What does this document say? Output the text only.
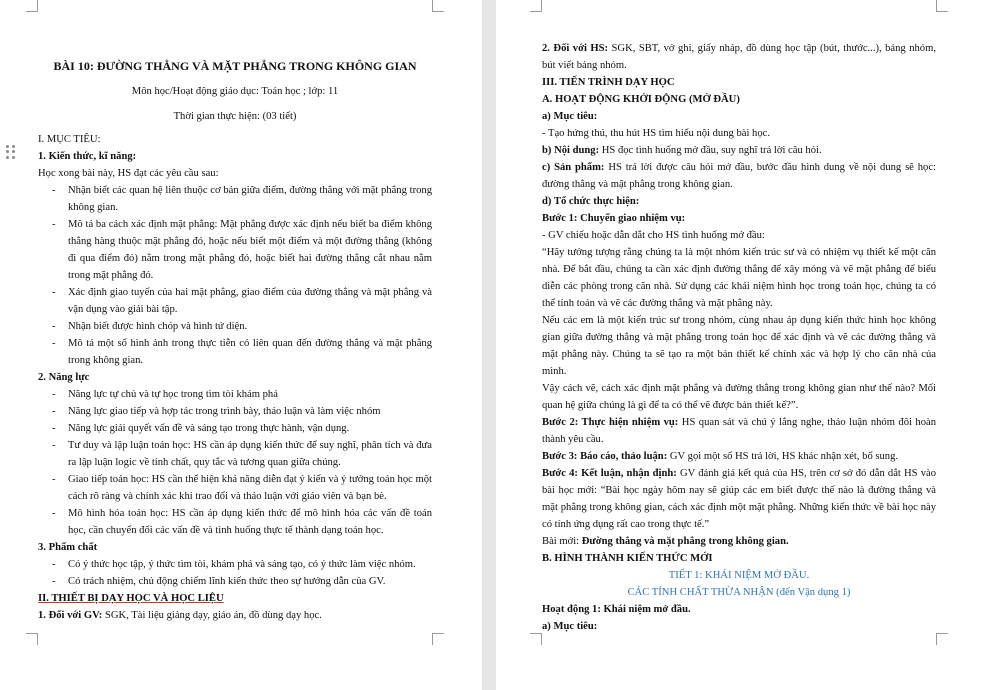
BÀI 10: ĐƯỜNG THẲNG VÀ MẶT PHẲNG TRONG KHÔNG GIAN
Môn học/Hoạt động giáo dục: Toán học ; lớp: 11
Thời gian thực hiện: (03 tiết)
I. MỤC TIÊU:
1. Kiến thức, kĩ năng:
Học xong bài này, HS đạt các yêu cầu sau:
- Nhận biết các quan hệ liên thuộc cơ bản giữa điểm, đường thẳng với mặt phẳng trong không gian.
- Mô tả ba cách xác định mặt phẳng: Mặt phẳng được xác định nếu biết ba điểm không thẳng hàng thuộc mặt phẳng đó, hoặc nếu biết một điểm và một đường thẳng (không đi qua điểm đó) nằm trong mặt phẳng đó, hoặc biết hai đường thẳng cắt nhau nằm trong mặt phẳng đó.
- Xác định giao tuyến của hai mặt phẳng, giao điểm của đường thẳng và mặt phẳng và vận dụng vào giải bài tập.
- Nhận biết được hình chóp và hình tứ diện.
- Mô tả một số hình ảnh trong thực tiễn có liên quan đến đường thẳng và mặt phẳng trong không gian.
2. Năng lực
- Năng lực tự chủ và tự học trong tìm tòi khám phá
- Năng lực giao tiếp và hợp tác trong trình bày, thảo luận và làm việc nhóm
- Năng lực giải quyết vấn đề và sáng tạo trong thực hành, vận dụng.
- Tư duy và lập luận toán học: HS cần áp dụng kiến thức để suy nghĩ, phân tích và đưa ra lập luận logic về tính chất, quy tắc và tương quan giữa chúng.
- Giao tiếp toán học: HS cần thể hiện khả năng diễn đạt ý kiến và ý tưởng toán học một cách rõ ràng và chính xác khi trao đổi và thảo luận với giáo viên và bạn bè.
- Mô hình hóa toán học: HS cần áp dụng kiến thức để mô hình hóa các vấn đề toán học, cần chuyển đổi các vấn đề và tình huống thực tế thành dạng toán học.
3. Phẩm chất
- Có ý thức học tập, ý thức tìm tòi, khám phá và sáng tạo, có ý thức làm việc nhóm.
- Có trách nhiệm, chủ động chiếm lĩnh kiến thức theo sự hướng dẫn của GV.
II. THIẾT BỊ DẠY HỌC VÀ HỌC LIỆU
1. Đối với GV: SGK, Tài liệu giảng dạy, giáo án, đồ dùng dạy học.
2. Đối với HS: SGK, SBT, vở ghi, giấy nháp, đồ dùng học tập (bút, thước...), bảng nhóm, bút viết bảng nhóm.
III. TIẾN TRÌNH DẠY HỌC
A. HOẠT ĐỘNG KHỞI ĐỘNG (MỞ ĐẦU)
a) Mục tiêu:
- Tạo hứng thú, thu hút HS tìm hiểu nội dung bài học.
b) Nội dung: HS đọc tình huống mở đầu, suy nghĩ trả lời câu hỏi.
c) Sản phẩm: HS trả lời được câu hỏi mở đầu, bước đầu hình dung về nội dung sẽ học: đường thẳng và mặt phẳng trong không gian.
d) Tổ chức thực hiện:
Bước 1: Chuyển giao nhiệm vụ:
- GV chiếu hoặc dẫn dắt cho HS tình huống mở đầu:
“Hãy tưởng tượng rằng chúng ta là một nhóm kiến trúc sư và có nhiệm vụ thiết kế một căn nhà. Để bắt đầu, chúng ta cần xác định đường thẳng để xây móng và vẽ mặt phẳng để biểu diễn các phòng trong căn nhà. Sử dụng các khái niệm hình học trong toán học, chúng ta có thể tính toán và vẽ các đường thẳng và mặt phẳng này.
Nếu các em là một kiến trúc sư trong nhóm, cùng nhau áp dụng kiến thức hình học không gian giữa đường thẳng và mặt phẳng trong toán học để xác định và vẽ các đường thẳng và mặt phẳng này. Chúng ta sẽ tạo ra một bản thiết kế chính xác và hợp lý cho căn nhà của mình.
Vậy cách vẽ, cách xác định mặt phẳng và đường thẳng trong không gian như thế nào? Mối quan hệ giữa chúng là gì để ta có thể vẽ được bản thiết kế?”.
Bước 2: Thực hiện nhiệm vụ: HS quan sát và chú ý lắng nghe, thảo luận nhóm đôi hoàn thành yêu cầu.
Bước 3: Báo cáo, thảo luận: GV gọi một số HS trả lời, HS khác nhận xét, bổ sung.
Bước 4: Kết luận, nhận định: GV đánh giá kết quả của HS, trên cơ sở đó dẫn dắt HS vào bài học mới: “Bài học ngày hôm nay sẽ giúp các em biết được thế nào là đường thẳng và mặt phẳng trong không gian, cách xác định một mặt phẳng. Những kiến thức về bài học này có tính ứng dụng rất cao trong thực tế.”
Bài mới: Đường thẳng và mặt phẳng trong không gian.
B. HÌNH THÀNH KIẾN THỨC MỚI
TIẾT 1: KHÁI NIỆM MỞ ĐẦU.
CÁC TÍNH CHẤT THỪA NHẬN (đến Vận dụng 1)
Hoạt động 1: Khái niệm mở đầu.
a) Mục tiêu:
